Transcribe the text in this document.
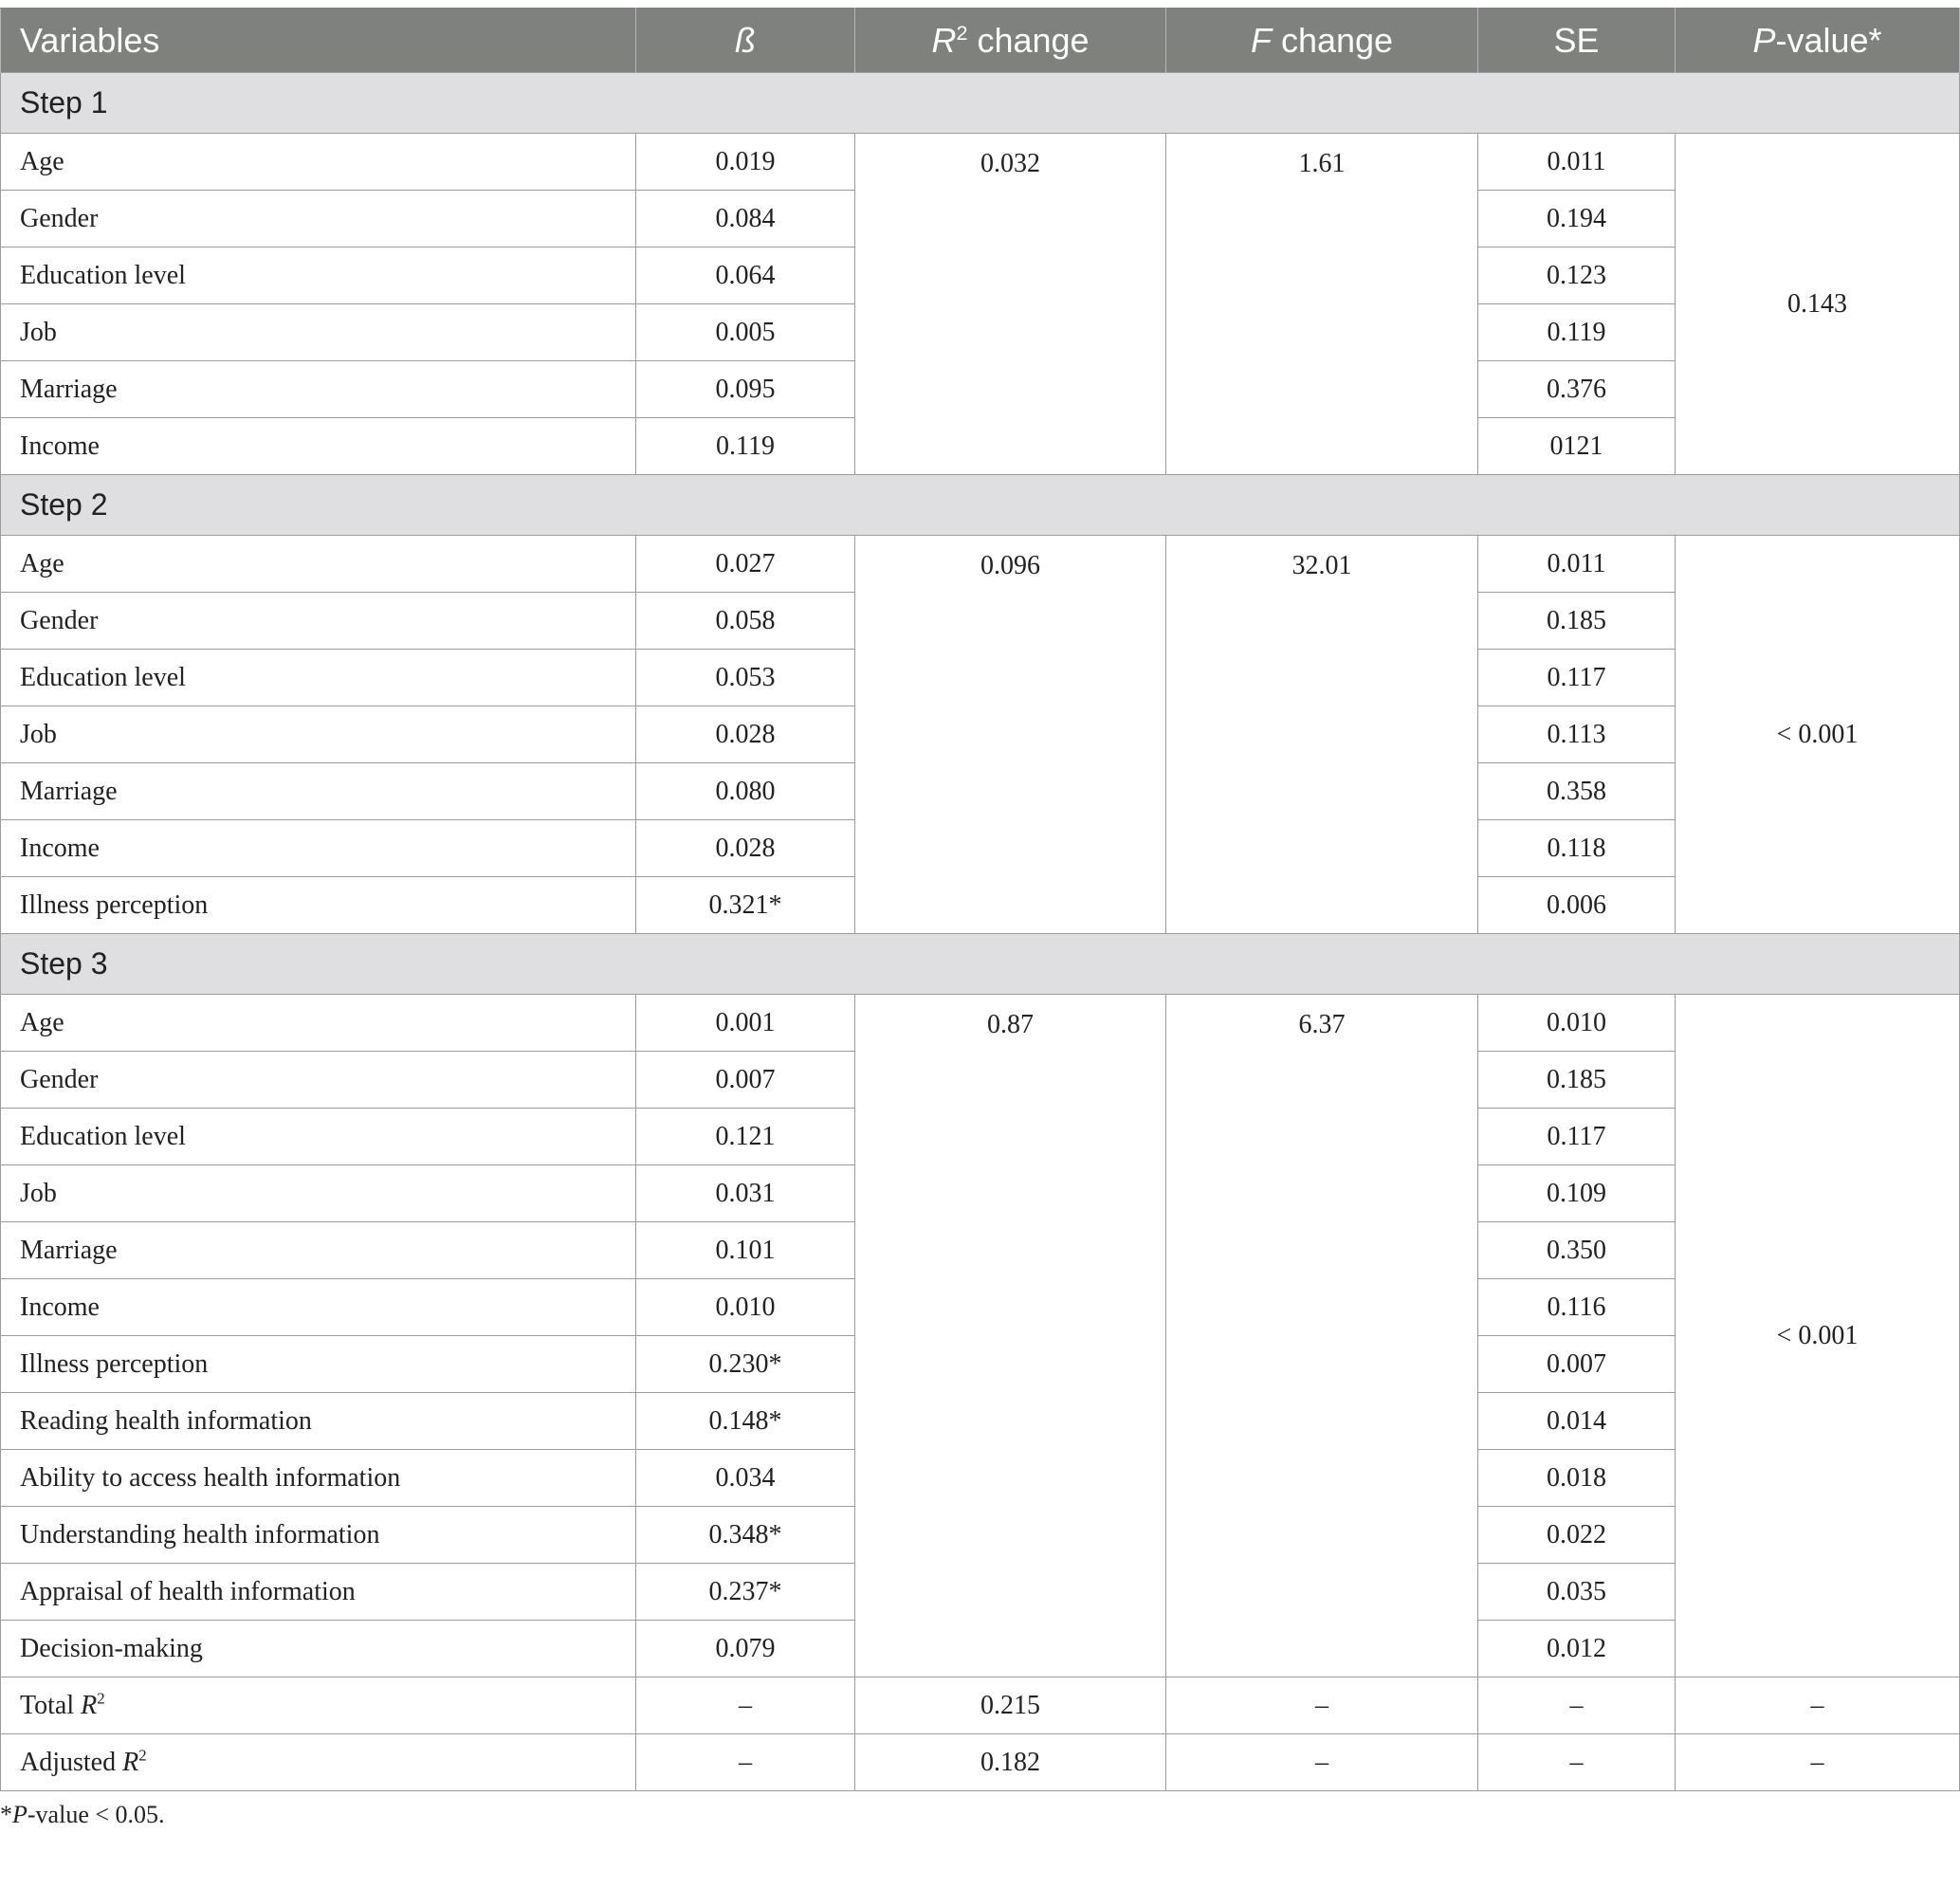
Variables	ß	$R^2$ change	F change	SE	P-value*
Step 1					
Age	0.019	0.032	1.61	0.011	0.143
Gender	0.084			0.194	
Education level	0.064			0.123	
Job	0.005			0.119	
Marriage	0.095			0.376	
Income	0.119			0121	
Step 2					
Age	0.027	0.096	32.01	0.011	< 0.001
Gender	0.058			0.185	
Education level	0.053			0.117	
Job	0.028			0.113	
Marriage	0.080			0.358	
Income	0.028			0.118	
Illness perception	0.321*			0.006	
Step 3					
Age	0.001	0.87	6.37	0.010	< 0.001
Gender	0.007			0.185	
Education level	0.121			0.117	
Job	0.031			0.109	
Marriage	0.101			0.350	
Income	0.010			0.116	
Illness perception	0.230*			0.007	
Reading health information	0.148*			0.014	
Ability to access health information	0.034			0.018	
Understanding health information	0.348*			0.022	
Appraisal of health information	0.237*			0.035	
Decision-making	0.079			0.012	
Total $R^2$	–	0.215	–	–	–
Adjusted $R^2$	–	0.182	–	–	–
*P-value < 0.05.
